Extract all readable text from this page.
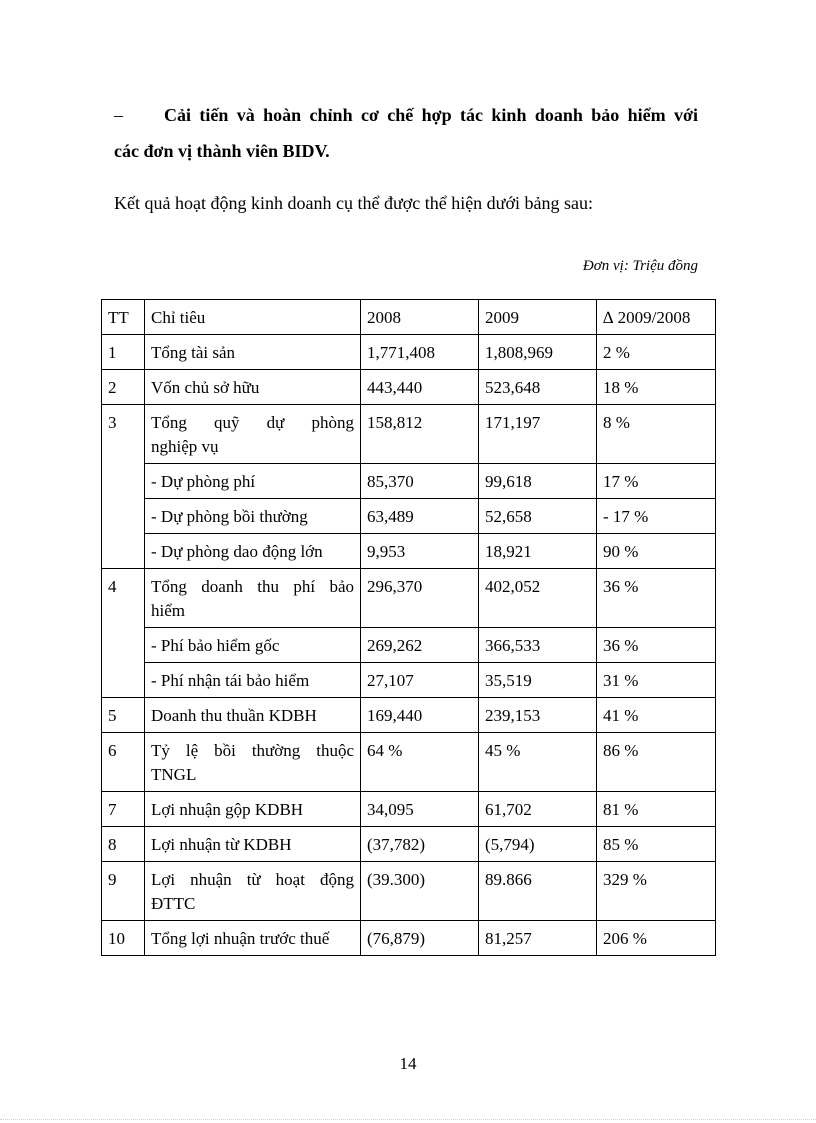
– Cải tiến và hoàn chỉnh cơ chế hợp tác kinh doanh bảo hiểm với

các đơn vị thành viên BIDV.

Kết quả hoạt động kinh doanh cụ thể được thể hiện dưới bảng sau:

Đơn vị: Triệu đồng

TT	Chỉ tiêu	2008	2009	∆ 2009/2008
1	Tổng tài sản	1,771,408	1,808,969	2 %
2	Vốn chủ sở hữu	443,440	523,648	18 %
3	Tổng quỹ dự phòng
nghiệp vụ	158,812	171,197	8 %
	- Dự phòng phí	85,370	99,618	17 %
	- Dự phòng bồi thường	63,489	52,658	- 17 %
	- Dự phòng dao động lớn	9,953	18,921	90 %
4	Tổng doanh thu phí bảo
hiểm	296,370	402,052	36 %
	- Phí bảo hiểm gốc	269,262	366,533	36 %
	- Phí nhận tái bảo hiểm	27,107	35,519	31 %
5	Doanh thu thuần KDBH	169,440	239,153	41 %
6	Tỷ lệ bồi thường thuộc
TNGL	64 %	45 %	86 %
7	Lợi nhuận gộp KDBH	34,095	61,702	81 %
8	Lợi nhuận từ KDBH	(37,782)	(5,794)	85 %
9	Lợi nhuận từ hoạt động
ĐTTC	(39.300)	89.866	329 %
10	Tổng lợi nhuận trước thuế	(76,879)	81,257	206 %

14
